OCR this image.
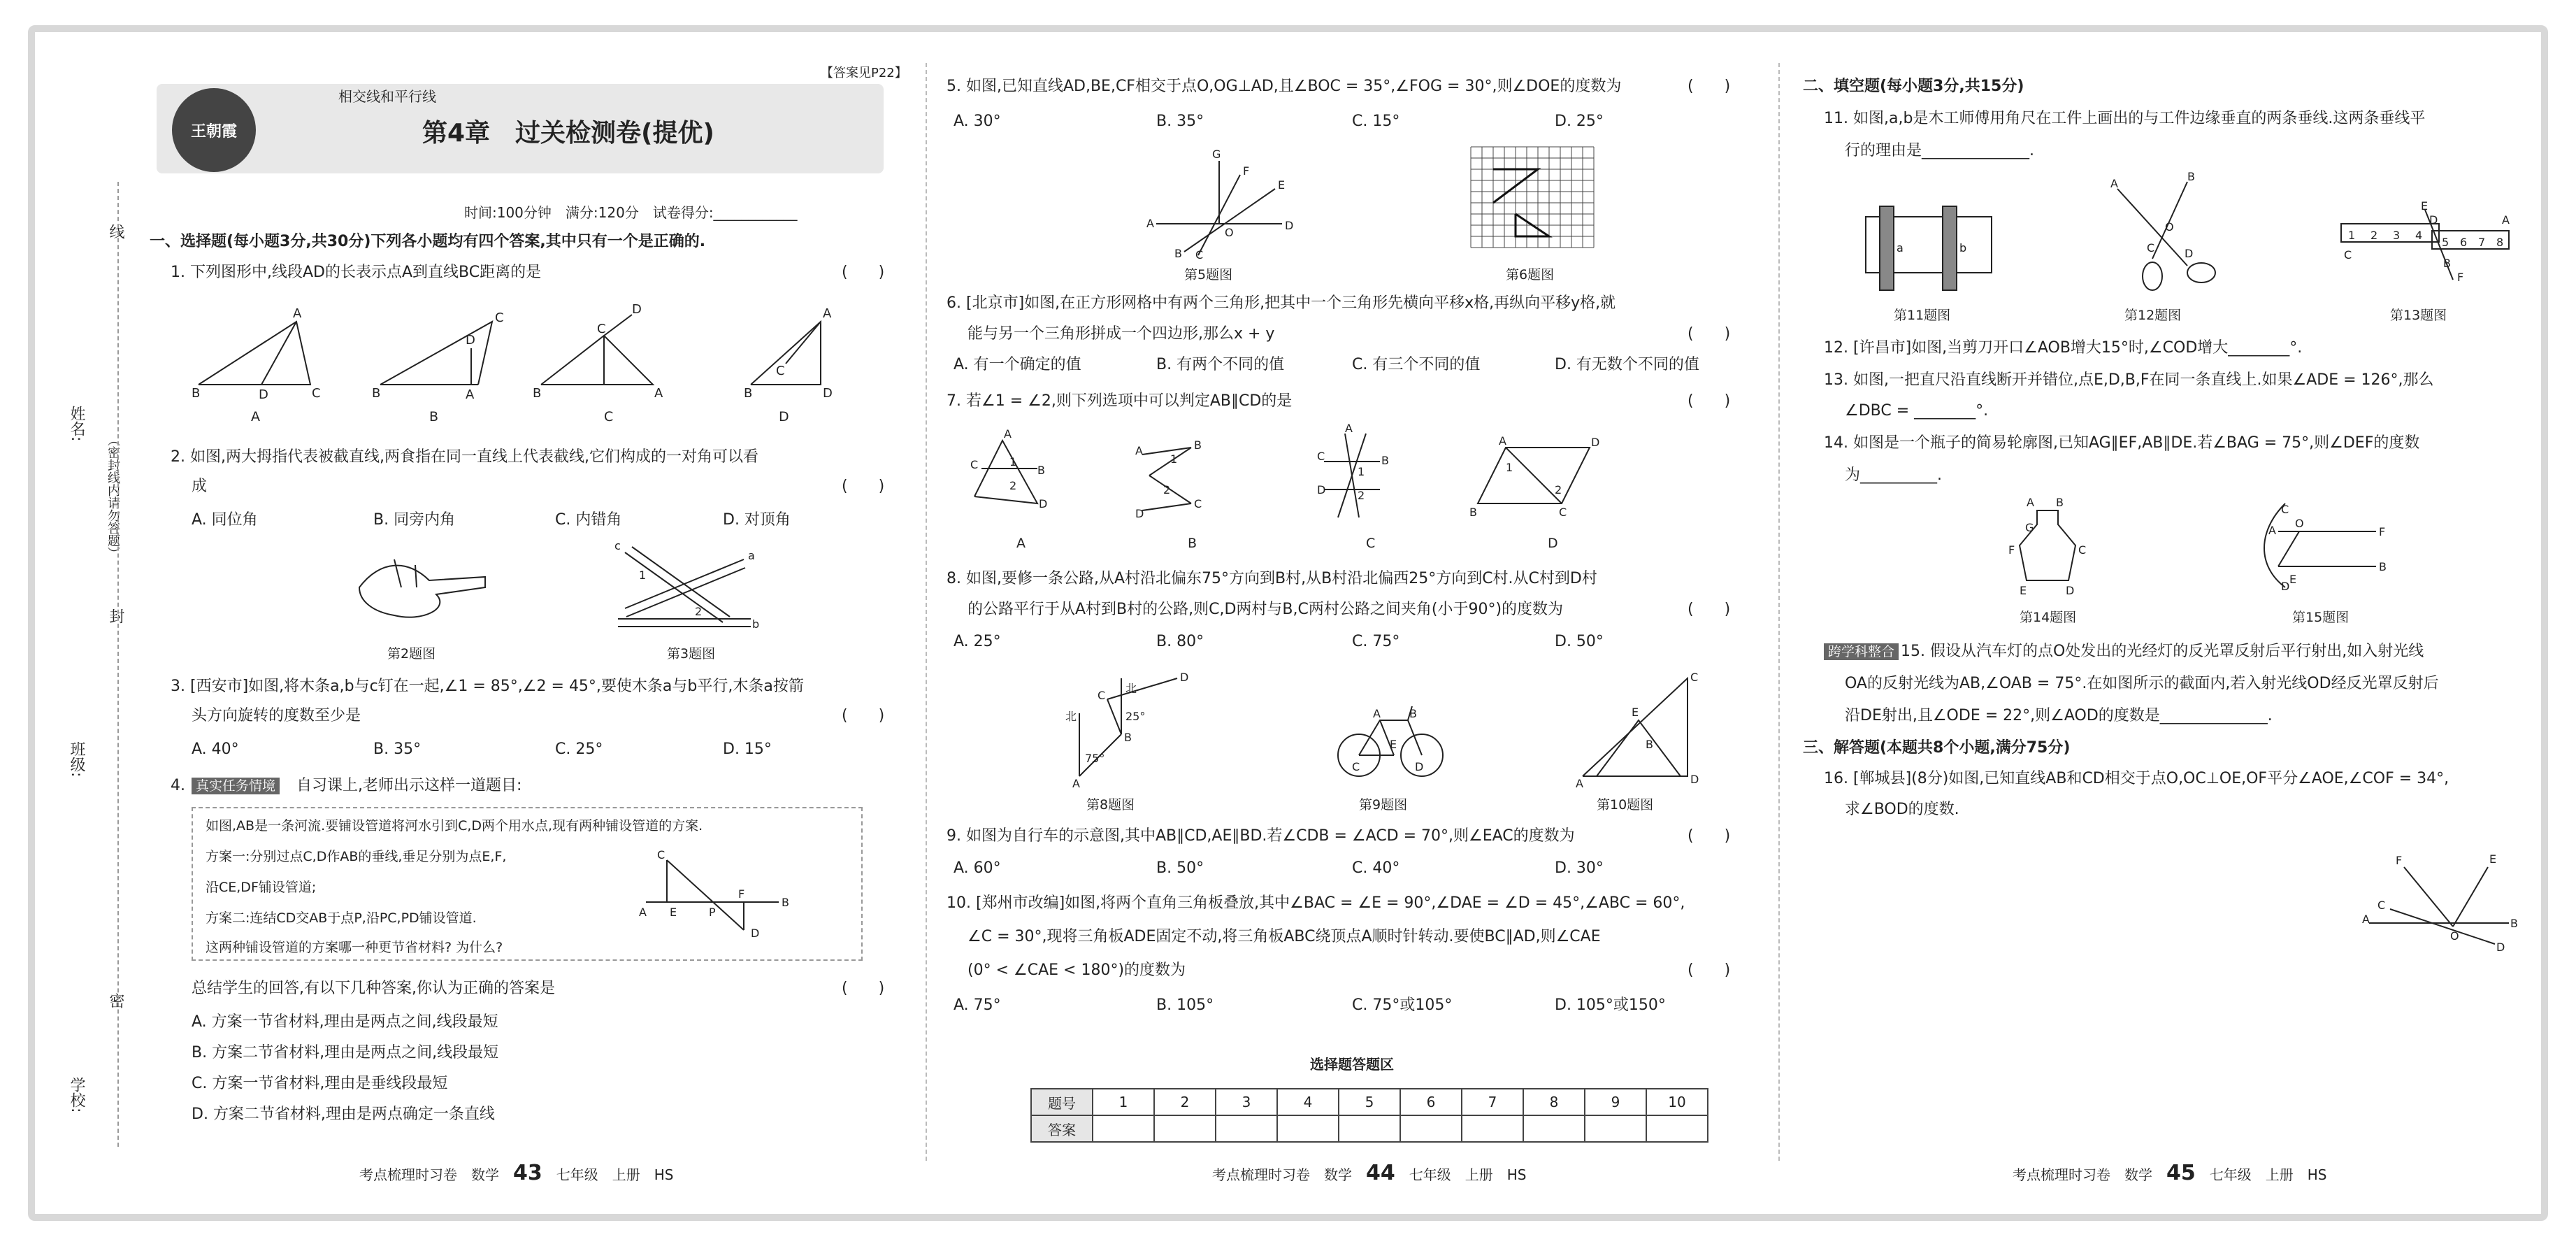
姓名:
班级:
学校:
（密封线内请勿答题）
线
封
密
王朝霞
相交线和平行线
【答案见P22】
第4章　过关检测卷(提优)
时间:100分钟　满分:120分　试卷得分:____________
一、选择题(每小题3分,共30分)下列各小题均有四个答案,其中只有一个是正确的.
1. 下列图形中,线段AD的长表示点A到直线BC距离的是	(　　)
B
A
D	C	B
C
D
A	B
D
C
A	B
A
D
C
A	B	C	D
2. 如图,两大拇指代表被截直线,两食指在同一直线上代表截线,它们构成的一对角可以看
成	(　　)
A. 同位角	B. 同旁内角	C. 内错角	D. 对顶角
c
a
b
1
2
第2题图	第3题图
3. [西安市]如图,将木条a,b与c钉在一起,∠1 = 85°,∠2 = 45°,要使木条a与b平行,木条a按箭
头方向旋转的度数至少是	(　　)
A. 40°	B. 35°	C. 25°	D. 15°
4. 真实任务情境 自习课上,老师出示这样一道题目:
如图,AB是一条河流.要铺设管道将河水引到C,D两个用水点,现有两种铺设管道的方案.
方案一:分别过点C,D作AB的垂线,垂足分别为点E,F,
沿CE,DF铺设管道;
方案二:连结CD交AB于点P,沿PC,PD铺设管道.
这两种铺设管道的方案哪一种更节省材料? 为什么?
A
C
E	P
F
D
B
总结学生的回答,有以下几种答案,你认为正确的答案是	(　　)
A. 方案一节省材料,理由是两点之间,线段最短
B. 方案二节省材料,理由是两点之间,线段最短
C. 方案一节省材料,理由是垂线段最短
D. 方案二节省材料,理由是两点确定一条直线
考点梳理时习卷　数学　 43　 七年级　上册　HS
5. 如图,已知直线AD,BE,CF相交于点O,OG⊥AD,且∠BOC = 35°,∠FOG = 30°,则∠DOE的度数为	(　　)
A. 30°	B. 35°	C. 15°	D. 25°
A
G
F
E
D
O
B C
第5题图	第6题图
6. [北京市]如图,在正方形网格中有两个三角形,把其中一个三角形先横向平移x格,再纵向平移y格,就
能与另一个三角形拼成一个四边形,那么x + y	(　　)
A. 有一个确定的值	B. 有两个不同的值	C. 有三个不同的值	D. 有无数个不同的值
7. 若∠1 = ∠2,则下列选项中可以判定AB∥CD的是	(　　)
A
C	1
2
B
D
A	B
1
2
D
C
A
C	B
D
1
2
A	D
B	C
1
2
A	B	C	D
8. 如图,要修一条公路,从A村沿北偏东75°方向到B村,从B村沿北偏西25°方向到C村.从C村到D村
的公路平行于从A村到B村的公路,则C,D两村与B,C两村公路之间夹角(小于90°)的度数为	(　　)
A. 25°	B. 80°	C. 75°	D. 50°
北
北
75°
25°
A
B
C
D
A	B
C	D
E
C
A
E
B
D
第8题图	第9题图	第10题图
9. 如图为自行车的示意图,其中AB∥CD,AE∥BD.若∠CDB = ∠ACD = 70°,则∠EAC的度数为	(　　)
A. 60°	B. 50°	C. 40°	D. 30°
10. [郑州市改编]如图,将两个直角三角板叠放,其中∠BAC = ∠E = 90°,∠DAE = ∠D = 45°,∠ABC = 60°,
∠C = 30°,现将三角板ADE固定不动,将三角板ABC绕顶点A顺时针转动.要使BC∥AD,则∠CAE
(0° < ∠CAE < 180°)的度数为	(　　)
A. 75°	B. 105°	C. 75°或105°	D. 105°或150°
选择题答题区
题号	1	2	3	4	5	6	7	8	9	10
答案										
考点梳理时习卷　数学　 44　 七年级　上册　HS
二、填空题(每小题3分,共15分)
11. 如图,a,b是木工师傅用角尺在工件上画出的与工件边缘垂直的两条垂线.这两条垂线平
行的理由是______________.
a	b
A
B
O
C	D
1 2 3 4
5 6 7 8
E
D	A
C
B
F
第11题图	第12题图	第13题图
12. [许昌市]如图,当剪刀开口∠AOB增大15°时,∠COD增大________°.
13. 如图,一把直尺沿直线断开并错位,点E,D,B,F在同一条直线上.如果∠ADE = 126°,那么
∠DBC = ________°.
14. 如图是一个瓶子的简易轮廓图,已知AG∥EF,AB∥DE.若∠BAG = 75°,则∠DEF的度数
为__________.
A B
G
F	C
E	D
O
A	F
B
E
C
D
第14题图	第15题图
跨学科整合 15. 假设从汽车灯的点O处发出的光经灯的反光罩反射后平行射出,如入射光线
OA的反射光线为AB,∠OAB = 75°.在如图所示的截面内,若入射光线OD经反光罩反射后
沿DE射出,且∠ODE = 22°,则∠AOD的度数是______________.
三、解答题(本题共8个小题,满分75分)
16. [郸城县](8分)如图,已知直线AB和CD相交于点O,OC⊥OE,OF平分∠AOE,∠COF = 34°,
求∠BOD的度数.
A	B
C
D
E
F
O
考点梳理时习卷　数学　 45　 七年级　上册　HS
